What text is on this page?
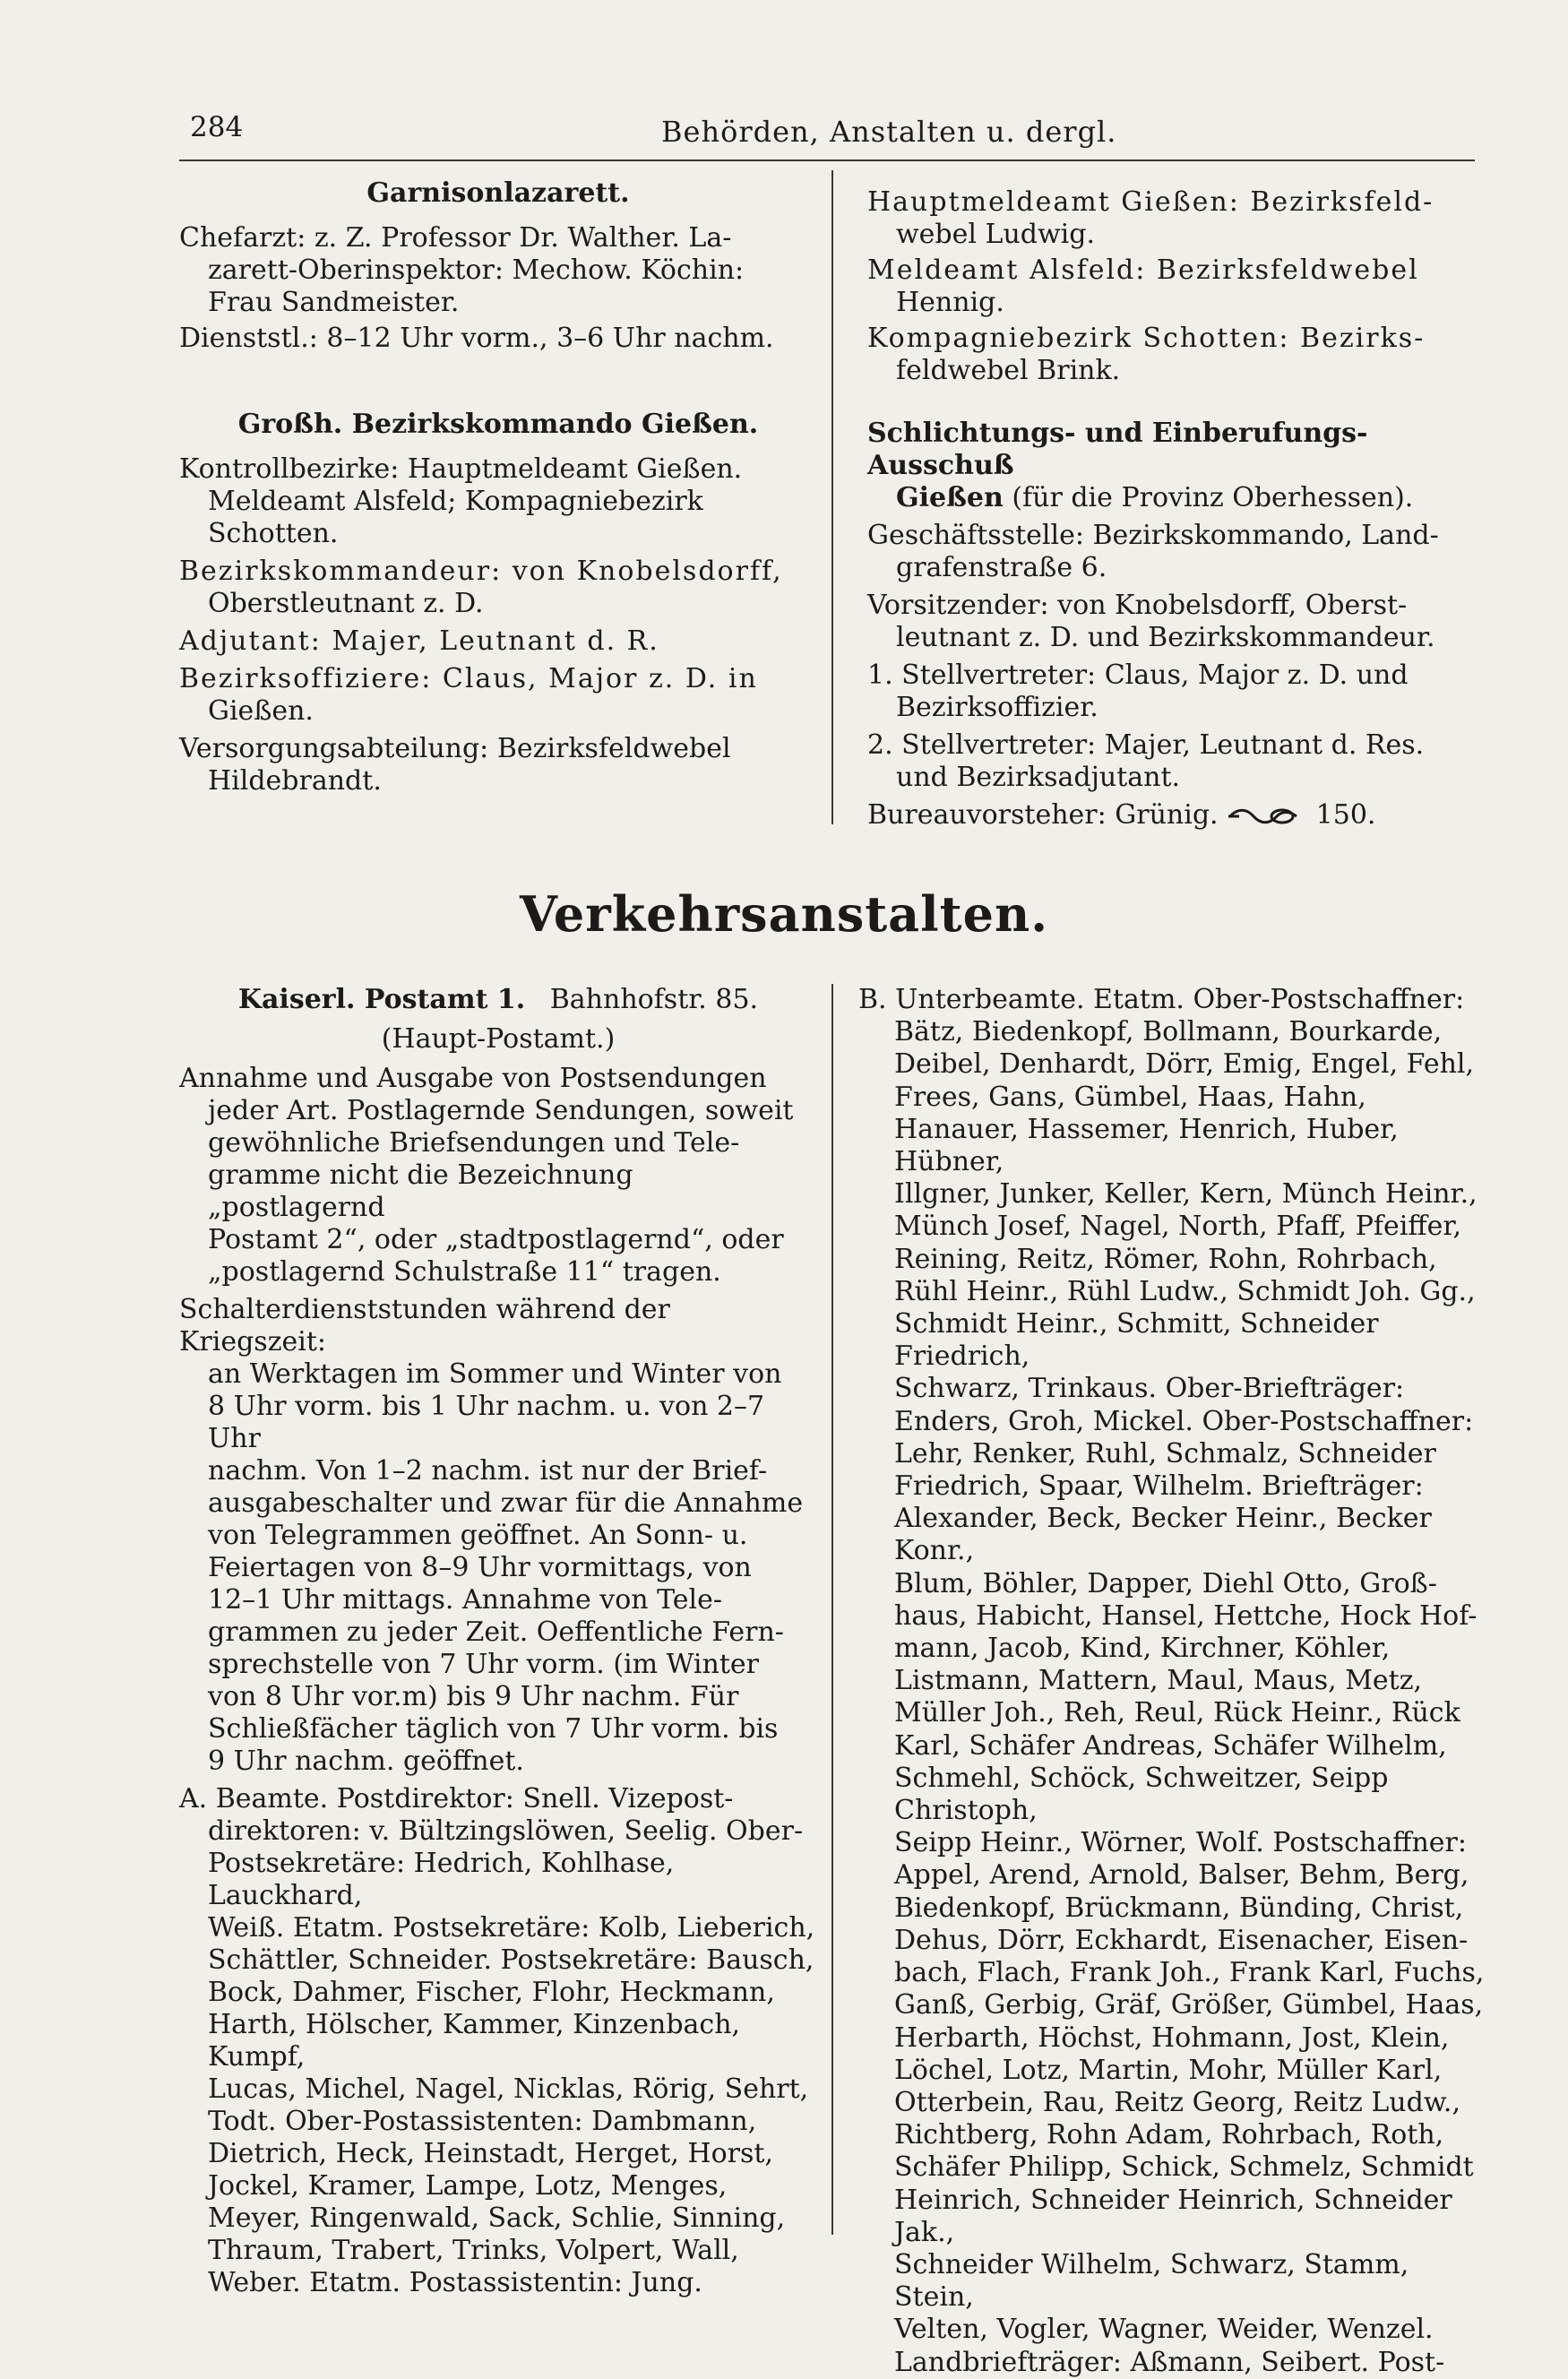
284	Behörden, Anstalten u. dergl.

Garnisonlazarett.

Chefarzt: z. Z. Professor Dr. Walther. La-

zarett-Oberinspektor: Mechow. Köchin:

Frau Sandmeister.

Dienststl.: 8–12 Uhr vorm., 3–6 Uhr nachm.

Großh. Bezirkskommando Gießen.

Kontrollbezirke: Hauptmeldeamt Gießen.

Meldeamt Alsfeld; Kompagniebezirk

Schotten.

Bezirkskommandeur: von Knobelsdorff,

Oberstleutnant z. D.

Adjutant: Majer, Leutnant d. R.

Bezirksoffiziere: Claus, Major z. D. in

Gießen.

Versorgungsabteilung: Bezirksfeldwebel

Hildebrandt.

Hauptmeldeamt Gießen: Bezirksfeld-

webel Ludwig.

Meldeamt Alsfeld: Bezirksfeldwebel

Hennig.

Kompagniebezirk Schotten: Bezirks-

feldwebel Brink.

Schlichtungs- und Einberufungs-Ausschuß

Gießen (für die Provinz Oberhessen).

Geschäftsstelle: Bezirkskommando, Land-

grafenstraße 6.

Vorsitzender: von Knobelsdorff, Oberst-

leutnant z. D. und Bezirkskommandeur.

1. Stellvertreter: Claus, Major z. D. und

Bezirksoffizier.

2. Stellvertreter: Majer, Leutnant d. Res.

und Bezirksadjutant.

Bureauvorsteher: Grünig.	150.

Verkehrsanstalten.

Kaiserl. Postamt 1. Bahnhofstr. 85.

(Haupt-Postamt.)

Annahme und Ausgabe von Postsendungen

jeder Art. Postlagernde Sendungen, soweit

gewöhnliche Briefsendungen und Tele-

gramme nicht die Bezeichnung „postlagernd

Postamt 2“, oder „stadtpostlagernd“, oder

„postlagernd Schulstraße 11“ tragen.

Schalterdienststunden während der Kriegszeit:

an Werktagen im Sommer und Winter von

8 Uhr vorm. bis 1 Uhr nachm. u. von 2–7 Uhr

nachm. Von 1–2 nachm. ist nur der Brief-

ausgabeschalter und zwar für die Annahme

von Telegrammen geöffnet. An Sonn- u.

Feiertagen von 8–9 Uhr vormittags, von

12–1 Uhr mittags. Annahme von Tele-

grammen zu jeder Zeit. Oeffentliche Fern-

sprechstelle von 7 Uhr vorm. (im Winter

von 8 Uhr vor.m) bis 9 Uhr nachm. Für

Schließfächer täglich von 7 Uhr vorm. bis

9 Uhr nachm. geöffnet.

A. Beamte. Postdirektor: Snell. Vizepost-

direktoren: v. Bültzingslöwen, Seelig. Ober-

Postsekretäre: Hedrich, Kohlhase, Lauckhard,

Weiß. Etatm. Postsekretäre: Kolb, Lieberich,

Schättler, Schneider. Postsekretäre: Bausch,

Bock, Dahmer, Fischer, Flohr, Heckmann,

Harth, Hölscher, Kammer, Kinzenbach, Kumpf,

Lucas, Michel, Nagel, Nicklas, Rörig, Sehrt,

Todt. Ober-Postassistenten: Dambmann,

Dietrich, Heck, Heinstadt, Herget, Horst,

Jockel, Kramer, Lampe, Lotz, Menges,

Meyer, Ringenwald, Sack, Schlie, Sinning,

Thraum, Trabert, Trinks, Volpert, Wall,

Weber. Etatm. Postassistentin: Jung.

B. Unterbeamte. Etatm. Ober-Postschaffner:

Bätz, Biedenkopf, Bollmann, Bourkarde,

Deibel, Denhardt, Dörr, Emig, Engel, Fehl,

Frees, Gans, Gümbel, Haas, Hahn,

Hanauer, Hassemer, Henrich, Huber, Hübner,

Illgner, Junker, Keller, Kern, Münch Heinr.,

Münch Josef, Nagel, North, Pfaff, Pfeiffer,

Reining, Reitz, Römer, Rohn, Rohrbach,

Rühl Heinr., Rühl Ludw., Schmidt Joh. Gg.,

Schmidt Heinr., Schmitt, Schneider Friedrich,

Schwarz, Trinkaus. Ober-Briefträger:

Enders, Groh, Mickel. Ober-Postschaffner:

Lehr, Renker, Ruhl, Schmalz, Schneider

Friedrich, Spaar, Wilhelm. Briefträger:

Alexander, Beck, Becker Heinr., Becker Konr.,

Blum, Böhler, Dapper, Diehl Otto, Groß-

haus, Habicht, Hansel, Hettche, Hock Hof-

mann, Jacob, Kind, Kirchner, Köhler,

Listmann, Mattern, Maul, Maus, Metz,

Müller Joh., Reh, Reul, Rück Heinr., Rück

Karl, Schäfer Andreas, Schäfer Wilhelm,

Schmehl, Schöck, Schweitzer, Seipp Christoph,

Seipp Heinr., Wörner, Wolf. Postschaffner:

Appel, Arend, Arnold, Balser, Behm, Berg,

Biedenkopf, Brückmann, Bünding, Christ,

Dehus, Dörr, Eckhardt, Eisenacher, Eisen-

bach, Flach, Frank Joh., Frank Karl, Fuchs,

Ganß, Gerbig, Gräf, Größer, Gümbel, Haas,

Herbarth, Höchst, Hohmann, Jost, Klein,

Löchel, Lotz, Martin, Mohr, Müller Karl,

Otterbein, Rau, Reitz Georg, Reitz Ludw.,

Richtberg, Rohn Adam, Rohrbach, Roth,

Schäfer Philipp, Schick, Schmelz, Schmidt

Heinrich, Schneider Heinrich, Schneider Jak.,

Schneider Wilhelm, Schwarz, Stamm, Stein,

Velten, Vogler, Wagner, Weider, Wenzel.

Landbriefträger: Aßmann, Seibert. Post-
